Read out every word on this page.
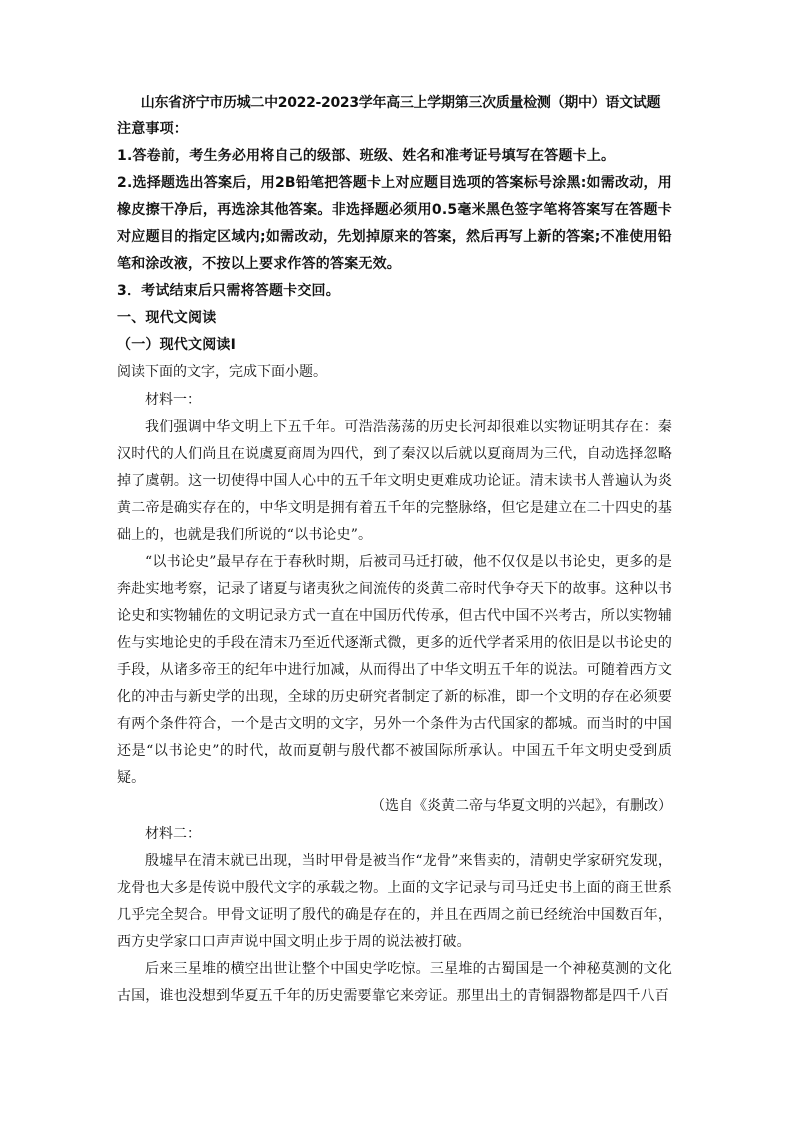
山东省济宁市历城二中2022-2023学年高三上学期第三次质量检测（期中）语文试题

注意事项：

1.答卷前，考生务必用将自己的级部、班级、姓名和准考证号填写在答题卡上。

2.选择题选出答案后，用2B铅笔把答题卡上对应题目选项的答案标号涂黑:如需改动，用橡皮擦干净后，再选涂其他答案。非选择题必须用0.5毫米黑色签字笔将答案写在答题卡对应题目的指定区域内;如需改动，先划掉原来的答案，然后再写上新的答案;不准使用铅笔和涂改液，不按以上要求作答的答案无效。

3．考试结束后只需将答题卡交回。

一、现代文阅读

（一）现代文阅读I

阅读下面的文字，完成下面小题。

材料一：

我们强调中华文明上下五千年。可浩浩荡荡的历史长河却很难以实物证明其存在：秦汉时代的人们尚且在说虞夏商周为四代，到了秦汉以后就以夏商周为三代，自动选择忽略掉了虞朝。这一切使得中国人心中的五千年文明史更难成功论证。清末读书人普遍认为炎黄二帝是确实存在的，中华文明是拥有着五千年的完整脉络，但它是建立在二十四史的基础上的，也就是我们所说的“以书论史”。

“以书论史”最早存在于春秋时期，后被司马迁打破，他不仅仅是以书论史，更多的是奔赴实地考察，记录了诸夏与诸夷狄之间流传的炎黄二帝时代争夺天下的故事。这种以书论史和实物辅佐的文明记录方式一直在中国历代传承，但古代中国不兴考古，所以实物辅佐与实地论史的手段在清末乃至近代逐渐式微，更多的近代学者采用的依旧是以书论史的手段，从诸多帝王的纪年中进行加减，从而得出了中华文明五千年的说法。可随着西方文化的冲击与新史学的出现，全球的历史研究者制定了新的标准，即一个文明的存在必须要有两个条件符合，一个是古文明的文字，另外一个条件为古代国家的都城。而当时的中国还是“以书论史”的时代，故而夏朝与殷代都不被国际所承认。中国五千年文明史受到质疑。

（选自《炎黄二帝与华夏文明的兴起》，有删改）

材料二：

殷墟早在清末就已出现，当时甲骨是被当作“龙骨”来售卖的，清朝史学家研究发现，龙骨也大多是传说中殷代文字的承载之物。上面的文字记录与司马迁史书上面的商王世系几乎完全契合。甲骨文证明了殷代的确是存在的，并且在西周之前已经统治中国数百年，西方史学家口口声声说中国文明止步于周的说法被打破。

后来三星堆的横空出世让整个中国史学吃惊。三星堆的古蜀国是一个神秘莫测的文化古国，谁也没想到华夏五千年的历史需要靠它来旁证。那里出土的青铜器物都是四千八百
